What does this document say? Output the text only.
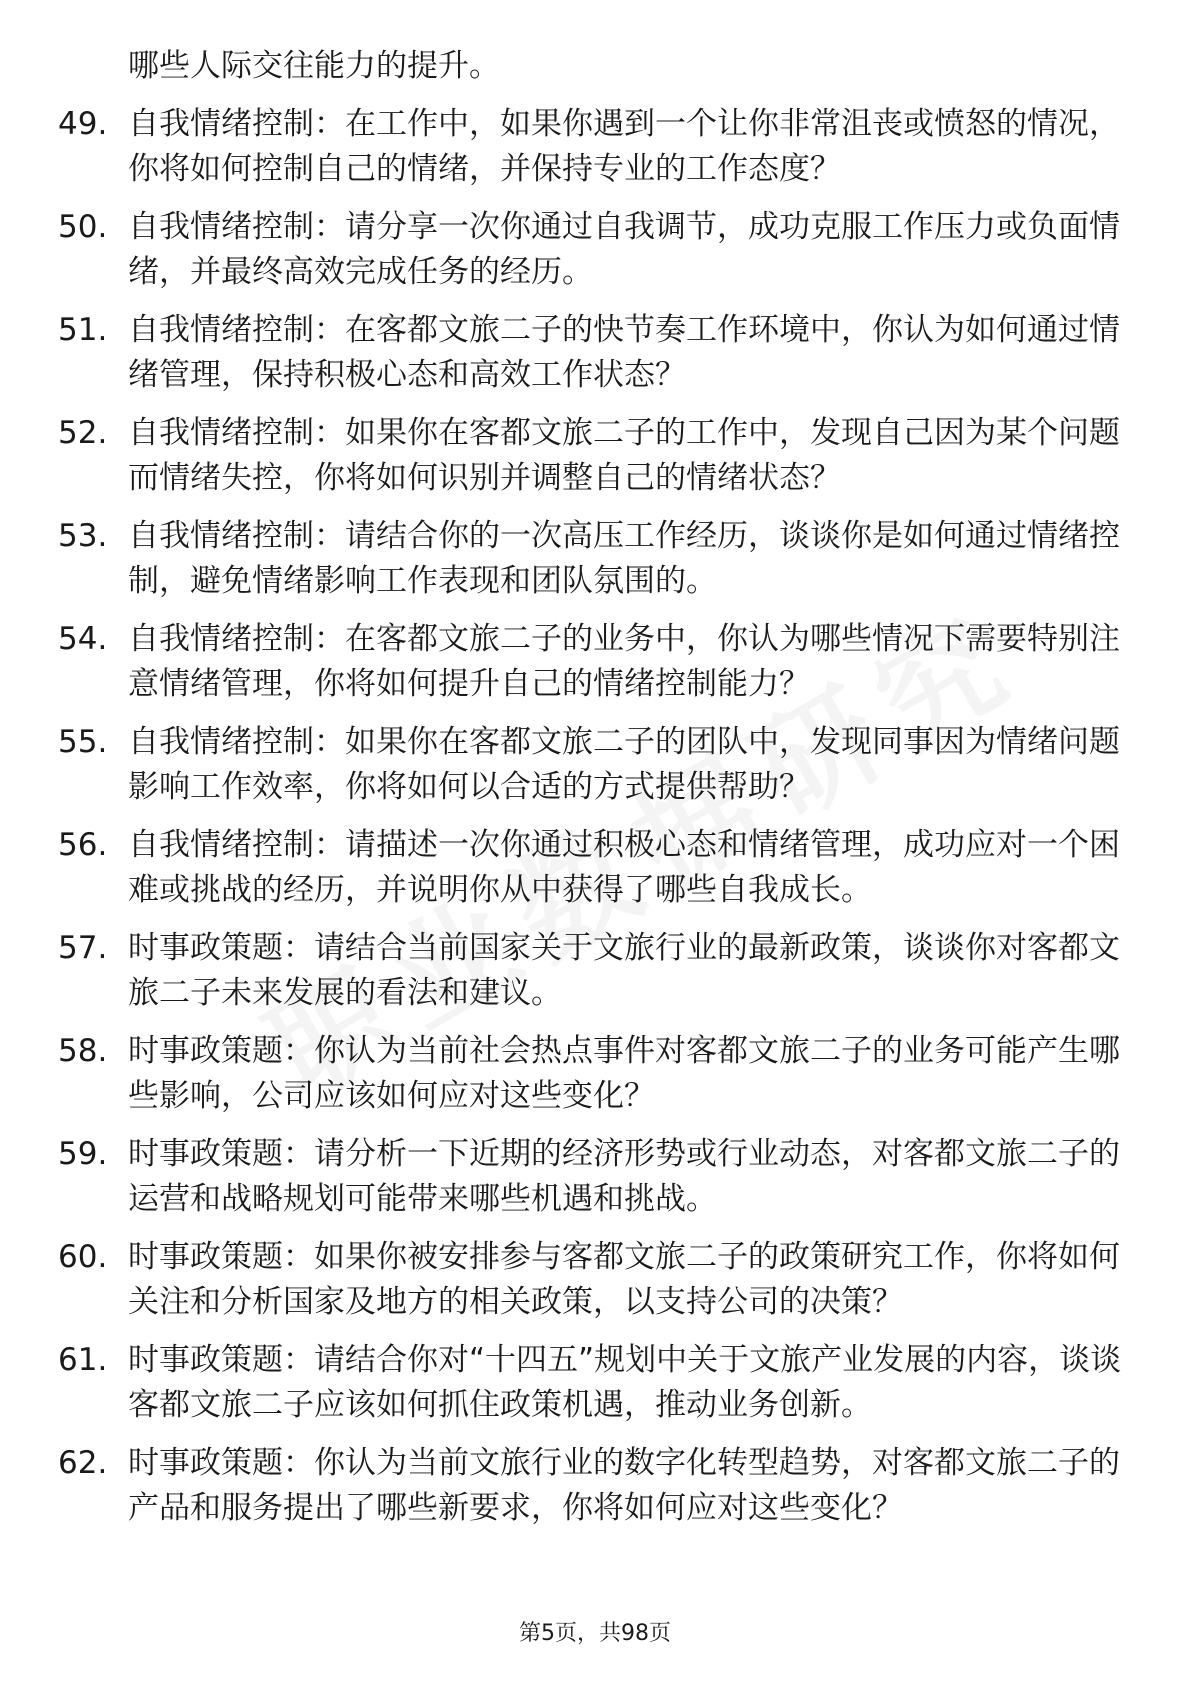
哪些人际交往能力的提升。
49. 自我情绪控制：在工作中，如果你遇到一个让你非常沮丧或愤怒的情况，你将如何控制自己的情绪，并保持专业的工作态度？
50. 自我情绪控制：请分享一次你通过自我调节，成功克服工作压力或负面情绪，并最终高效完成任务的经历。
51. 自我情绪控制：在客都文旅二子的快节奏工作环境中，你认为如何通过情绪管理，保持积极心态和高效工作状态？
52. 自我情绪控制：如果你在客都文旅二子的工作中，发现自己因为某个问题而情绪失控，你将如何识别并调整自己的情绪状态？
53. 自我情绪控制：请结合你的一次高压工作经历，谈谈你是如何通过情绪控制，避免情绪影响工作表现和团队氛围的。
54. 自我情绪控制：在客都文旅二子的业务中，你认为哪些情况下需要特别注意情绪管理，你将如何提升自己的情绪控制能力？
55. 自我情绪控制：如果你在客都文旅二子的团队中，发现同事因为情绪问题影响工作效率，你将如何以合适的方式提供帮助？
56. 自我情绪控制：请描述一次你通过积极心态和情绪管理，成功应对一个困难或挑战的经历，并说明你从中获得了哪些自我成长。
57. 时事政策题：请结合当前国家关于文旅行业的最新政策，谈谈你对客都文旅二子未来发展的看法和建议。
58. 时事政策题：你认为当前社会热点事件对客都文旅二子的业务可能产生哪些影响，公司应该如何应对这些变化？
59. 时事政策题：请分析一下近期的经济形势或行业动态，对客都文旅二子的运营和战略规划可能带来哪些机遇和挑战。
60. 时事政策题：如果你被安排参与客都文旅二子的政策研究工作，你将如何关注和分析国家及地方的相关政策，以支持公司的决策？
61. 时事政策题：请结合你对“十四五”规划中关于文旅产业发展的内容，谈谈客都文旅二子应该如何抓住政策机遇，推动业务创新。
62. 时事政策题：你认为当前文旅行业的数字化转型趋势，对客都文旅二子的产品和服务提出了哪些新要求，你将如何应对这些变化？
第5页，共98页
